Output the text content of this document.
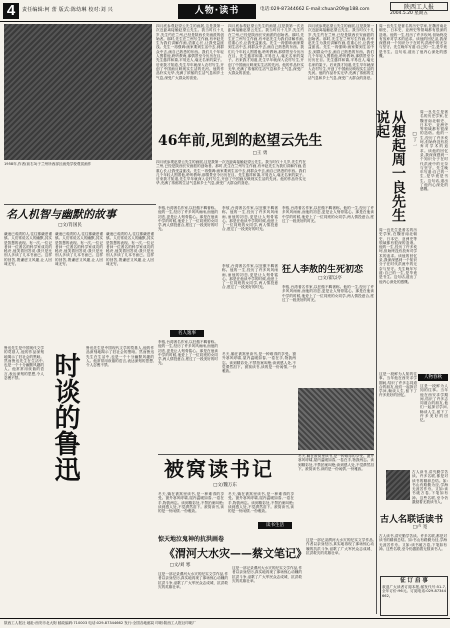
4	责任编辑:柯 蕾 版式:陈幼琳 校对:刘 兴	人物·读书	电话:029-87344662 E-mail:chuan209@188.com	陕西工人报
2004.5.20 星期五
1958年,作者(前右3)于兰州所西部区画苑学校观赏画作
四月底参观赵望云先生的画展,这是我第一次近距离接触赵望云先生。我当时仅十几岁,先生约在兰州,已经是陕西长安画派的创始者。那时,先生在兰州写生作画,有幸赵先生为我们讲解作画,语重心长,让我受益匪浅。先生一再强调:画家要到生活中去,到群众中去,画自己熟悉的东西。我们几个年轻人围着他,聆听教诲,那情景至今历历在目。先生慈祥和蔼,平易近人,毫无名家的架子。后来我才知道,先生早年就深入农村写生,开创了中国画反映现实生活的先河。他的作品朴实无华,充满了浓郁的生活气息和乡土气息,深受广大群众的喜爱。
四月底参观赵望云先生的画展,这是我第一次近距离接触赵望云先生。我当时仅十几岁,先生约在兰州,已经是陕西长安画派的创始者。那时,先生在兰州写生作画,有幸赵先生为我们讲解作画,语重心长,让我受益匪浅。先生一再强调:画家要到生活中去,到群众中去,画自己熟悉的东西。我们几个年轻人围着他,聆听教诲,那情景至今历历在目。先生慈祥和蔼,平易近人,毫无名家的架子。后来我才知道,先生早年就深入农村写生,开创了中国画反映现实生活的先河。他的作品朴实无华,充满了浓郁的生活气息和乡土气息,深受广大群众的喜爱。
四月底参观赵望云先生的画展,这是我第一次近距离接触赵望云先生。我当时仅十几岁,先生约在兰州,已经是陕西长安画派的创始者。那时,先生在兰州写生作画,有幸赵先生为我们讲解作画,语重心长,让我受益匪浅。先生一再强调:画家要到生活中去,到群众中去,画自己熟悉的东西。我们几个年轻人围着他,聆听教诲,那情景至今历历在目。先生慈祥和蔼,平易近人,毫无名家的架子。后来我才知道,先生早年就深入农村写生,开创了中国画反映现实生活的先河。他的作品朴实无华,充满了浓郁的生活气息和乡土气息,深受广大群众的喜爱。
46年前,见到的赵望云先生
□王 勇
四月底参观赵望云先生的画展,这是我第一次近距离接触赵望云先生。我当时仅十几岁,先生约在兰州,已经是陕西长安画派的创始者。那时,先生在兰州写生作画,有幸赵先生为我们讲解作画,语重心长,让我受益匪浅。先生一再强调:画家要到生活中去,到群众中去,画自己熟悉的东西。我们几个年轻人围着他,聆听教诲,那情景至今历历在目。先生慈祥和蔼,平易近人,毫无名家的架子。后来我才知道,先生早年就深入农村写生,开创了中国画反映现实生活的先河。他的作品朴实无华,充满了浓郁的生活气息和乡土气息,深受广大群众的喜爱。
周一良先生是著名的历史学家,在魏晋南北朝史、日本史、亚洲史等领域都有很深的造诣。他的一生,经历了许多坎坷,但始终没有放弃对学术的追求。读他的回忆录,我深深感到一个知识分子在时代洪流中的无奈与坚守。先生晚年写道:自己的一生,是毕竟是书生。这句话,道出了他内心深处的感慨。
从想起周一良先生说起
□丁 一
周一良先生是著名的历史学家,在魏晋南北朝史、日本史、亚洲史等领域都有很深的造诣。他的一生,经历了许多坎坷,但始终没有放弃对学术的追求。读他的回忆录,我深深感到一个知识分子在时代洪流中的无奈与坚守。先生晚年写道:自己的一生,是毕竟是书生。这句话,道出了他内心深处的感慨。
周一良先生是著名的历史学家,在魏晋南北朝史、日本史、亚洲史等领域都有很深的造诣。他的一生,经历了许多坎坷,但始终没有放弃对学术的追求。读他的回忆录,我深深感到一个知识分子在时代洪流中的无奈与坚守。先生晚年写道:自己的一生,是毕竟是书生。这句话,道出了他内心深处的感慨。
名人机智与幽默的故事
□文/肖国民
谦逊已成绩的人,往往都谦虚谨慎。人们常说名人的幽默,其实是智慧的表现。有一次,一位记者问一位著名的科学家成功的秘诀,他笑着回答说:我只是比别人多读了几本书而已。这样的回答,既谦虚又风趣,让人回味无穷。
谦逊已成绩的人,往往都谦虚谨慎。人们常说名人的幽默,其实是智慧的表现。有一次,一位记者问一位著名的科学家成功的秘诀,他笑着回答说:我只是比别人多读了几本书而已。这样的回答,既谦虚又风趣,让人回味无穷。
谦逊已成绩的人,往往都谦虚谨慎。人们常说名人的幽默,其实是智慧的表现。有一次,一位记者问一位著名的科学家成功的秘诀,他笑着回答说:我只是比别人多读了几本书而已。这样的回答,既谦虚又风趣,让人回味无穷。
鲁迅先生是中国现代文学的奠基人,他的作品深刻地揭示了旧社会的黑暗。然而鲁迅先生在生活中,也是一个十分幽默风趣的人。他常常用诙谐的语言,表达深刻的思想,令人忍俊不禁。	时谈的鲁迅
鲁迅先生是中国现代文学的奠基人,他的作品深刻地揭示了旧社会的黑暗。然而鲁迅先生在生活中,也是一个十分幽默风趣的人。他常常用诙谐的语言,表达深刻的思想,令人忍俊不禁。
李敖,台湾著名作家,以狂傲不羁著称。他的一生,经历了许多风风雨雨,而他的初恋,更是让人刻骨铭心。那是在他读中学的时候,他爱上了一位同班的女同学,两人情投意合,度过了一段美好的时光。
李敖,台湾著名作家,以狂傲不羁著称。他的一生,经历了许多风风雨雨,而他的初恋,更是让人刻骨铭心。那是在他读中学的时候,他爱上了一位同班的女同学,两人情投意合,度过了一段美好的时光。
狂人李敖的生死初恋
□文/翟以亭
李敖,台湾著名作家,以狂傲不羁著称。他的一生,经历了许多风风雨雨,而他的初恋,更是让人刻骨铭心。那是在他读中学的时候,他爱上了一位同班的女同学,两人情投意合,度过了一段美好的时光。
李敖,台湾著名作家,以狂傲不羁著称。他的一生,经历了许多风风雨雨,而他的初恋,更是让人刻骨铭心。那是在他读中学的时候,他爱上了一位同班的女同学,两人情投意合,度过了一段美好的时光。
名人逸事
李敖,台湾著名作家,以狂傲不羁著称。他的一生,经历了许多风风雨雨,而他的初恋,更是让人刻骨铭心。那是在他读中学的时候,他爱上了一位同班的女同学,两人情投意合,度过了一段美好的时光。
李敖,台湾著名作家,以狂傲不羁著称。他的一生,经历了许多风风雨雨,而他的初恋,更是让人刻骨铭心。那是在他读中学的时候,他爱上了一位同班的女同学,两人情投意合,度过了一段美好的时光。
人物春秋
这是一段鲜为人知的往事。当年他在西安求学期间,结识了许多志同道合的朋友,他们一起探讨学问,畅谈人生,留下了许多美好的回忆。
这是一段鲜为人知的往事。当年他在西安求学期间,结识了许多志同道合的朋友,他们一起探讨学问,畅谈人生,留下了许多美好的回忆。
冬天,躺在被窝里读书,是一种难得的享受。窗外寒风呼啸,屋内温暖如春,一卷在手,物我两忘。读到精彩处,不禁拍案叫绝;读到感人处,不觉潸然泪下。被窝读书,读的是一份闲情,一份雅致。
被窝读书记
□文/魏万东
冬天,躺在被窝里读书,是一种难得的享受。窗外寒风呼啸,屋内温暖如春,一卷在手,物我两忘。读到精彩处,不禁拍案叫绝;读到感人处,不觉潸然泪下。被窝读书,读的是一份闲情,一份雅致。
冬天,躺在被窝里读书,是一种难得的享受。窗外寒风呼啸,屋内温暖如春,一卷在手,物我两忘。读到精彩处,不禁拍案叫绝;读到感人处,不觉潸然泪下。被窝读书,读的是一份闲情,一份雅致。
读书生活
冬天,躺在被窝里读书,是一种难得的享受。窗外寒风呼啸,屋内温暖如春,一卷在手,物我两忘。读到精彩处,不禁拍案叫绝;读到感人处,不觉潸然泪下。被窝读书,读的是一份闲情,一份雅致。
惊天地泣鬼神的抗洪画卷
《渭河大水灾——蔡文笔记》
□文/刘 寒
这是一部记录渭河大水灾的纪实文学作品,作者以亲身经历,真实地再现了那场惊心动魄的抗洪斗争,讴歌了广大军民众志成城、抗洪救灾的英雄壮举。
这是一部记录渭河大水灾的纪实文学作品,作者以亲身经历,真实地再现了那场惊心动魄的抗洪斗争,讴歌了广大军民众志成城、抗洪救灾的英雄壮举。
这是一部记录渭河大水灾的纪实文学作品,作者以亲身经历,真实地再现了那场惊心动魄的抗洪斗争,讴歌了广大军民众志成城、抗洪救灾的英雄壮举。
古人读书,讲究勤学苦读。许多名联,都是对读书的精辟总结。如:书山有路勤为径,学海无涯苦作舟。又如:读书破万卷,下笔如有神。这些名联,至今仍激励着无数读书人。
古人名联话读书
□卢 宽
古人读书,讲究勤学苦读。许多名联,都是对读书的精辟总结。如:书山有路勤为径,学海无涯苦作舟。又如:读书破万卷,下笔如有神。这些名联,至今仍激励着无数读书人。
征 订 启 事
欢迎广大读者订阅本报,邮发代号:51-7,全年订价:96元。订阅电话:029-87344662。
陕西工人报社 地址:西安市北大街 邮政编码:710003 电话:029-87344662 发行:全国各地邮局 印刷:陕西工人报社印刷厂
